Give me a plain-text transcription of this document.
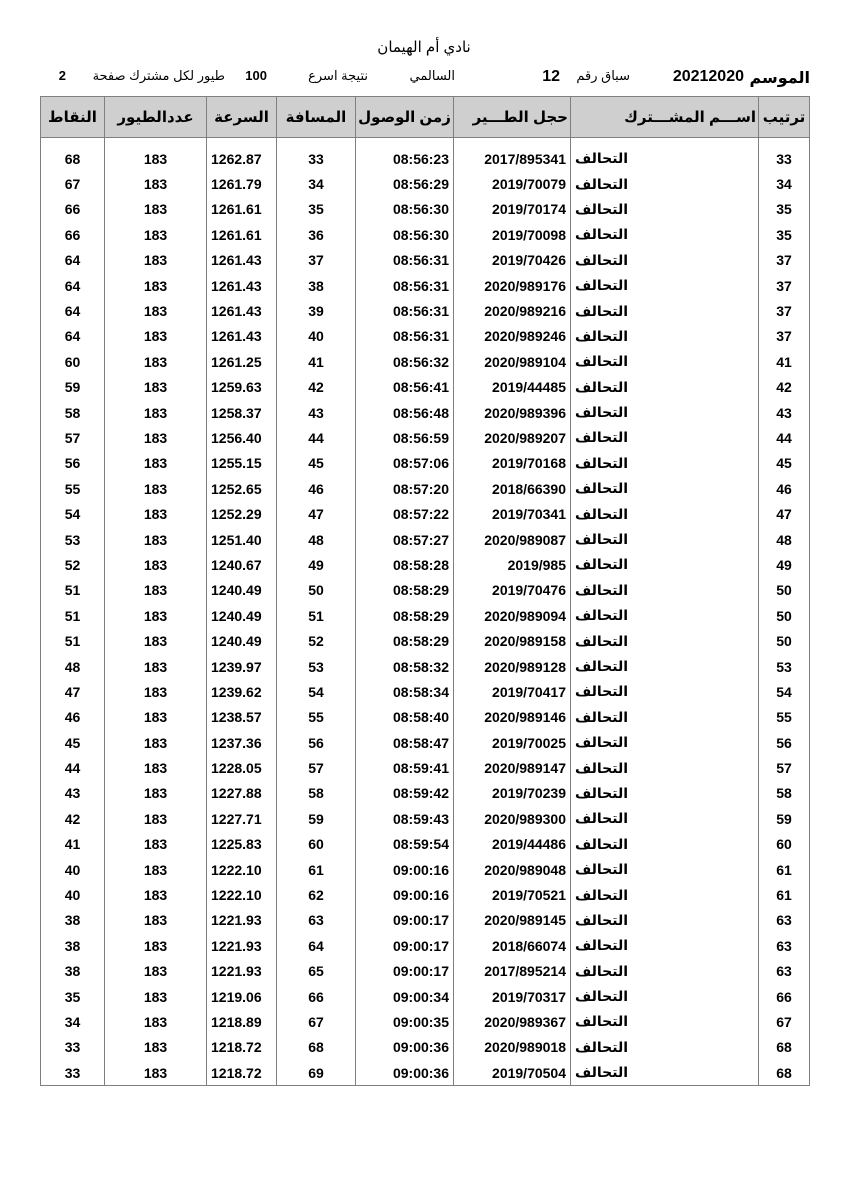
نادي أم الهيمان
الموسم
20212020
سباق رقم
12
السالمي
نتيجة اسرع
100
طيور لكل مشترك صفحة
2
النقاط	عددالطيور	السرعة	المسافة	زمن الوصول	حجل الطـــير	اســـم المشـــترك	ترتيب

68	183	1262.87	33	08:56:23	2017/895341	التحالف	33
67	183	1261.79	34	08:56:29	2019/70079	التحالف	34
66	183	1261.61	35	08:56:30	2019/70174	التحالف	35
66	183	1261.61	36	08:56:30	2019/70098	التحالف	35
64	183	1261.43	37	08:56:31	2019/70426	التحالف	37
64	183	1261.43	38	08:56:31	2020/989176	التحالف	37
64	183	1261.43	39	08:56:31	2020/989216	التحالف	37
64	183	1261.43	40	08:56:31	2020/989246	التحالف	37
60	183	1261.25	41	08:56:32	2020/989104	التحالف	41
59	183	1259.63	42	08:56:41	2019/44485	التحالف	42
58	183	1258.37	43	08:56:48	2020/989396	التحالف	43
57	183	1256.40	44	08:56:59	2020/989207	التحالف	44
56	183	1255.15	45	08:57:06	2019/70168	التحالف	45
55	183	1252.65	46	08:57:20	2018/66390	التحالف	46
54	183	1252.29	47	08:57:22	2019/70341	التحالف	47
53	183	1251.40	48	08:57:27	2020/989087	التحالف	48
52	183	1240.67	49	08:58:28	2019/985	التحالف	49
51	183	1240.49	50	08:58:29	2019/70476	التحالف	50
51	183	1240.49	51	08:58:29	2020/989094	التحالف	50
51	183	1240.49	52	08:58:29	2020/989158	التحالف	50
48	183	1239.97	53	08:58:32	2020/989128	التحالف	53
47	183	1239.62	54	08:58:34	2019/70417	التحالف	54
46	183	1238.57	55	08:58:40	2020/989146	التحالف	55
45	183	1237.36	56	08:58:47	2019/70025	التحالف	56
44	183	1228.05	57	08:59:41	2020/989147	التحالف	57
43	183	1227.88	58	08:59:42	2019/70239	التحالف	58
42	183	1227.71	59	08:59:43	2020/989300	التحالف	59
41	183	1225.83	60	08:59:54	2019/44486	التحالف	60
40	183	1222.10	61	09:00:16	2020/989048	التحالف	61
40	183	1222.10	62	09:00:16	2019/70521	التحالف	61
38	183	1221.93	63	09:00:17	2020/989145	التحالف	63
38	183	1221.93	64	09:00:17	2018/66074	التحالف	63
38	183	1221.93	65	09:00:17	2017/895214	التحالف	63
35	183	1219.06	66	09:00:34	2019/70317	التحالف	66
34	183	1218.89	67	09:00:35	2020/989367	التحالف	67
33	183	1218.72	68	09:00:36	2020/989018	التحالف	68
33	183	1218.72	69	09:00:36	2019/70504	التحالف	68
